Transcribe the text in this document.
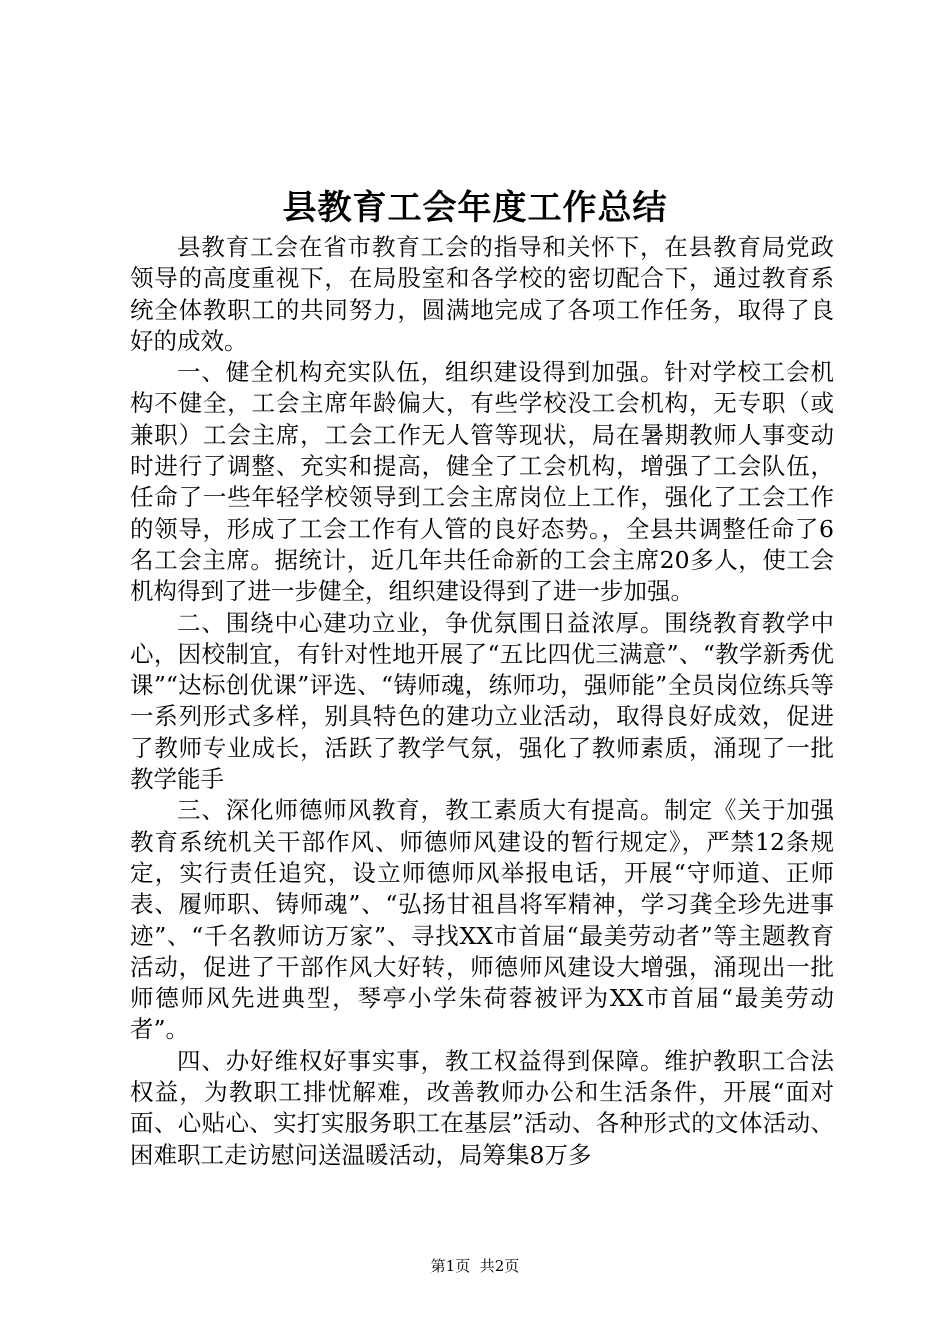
县教育工会年度工作总结

县教育工会在省市教育工会的指导和关怀下，在县教育局党政领导的高度重视下，在局股室和各学校的密切配合下，通过教育系统全体教职工的共同努力，圆满地完成了各项工作任务，取得了良好的成效。

一、健全机构充实队伍，组织建设得到加强。针对学校工会机构不健全，工会主席年龄偏大，有些学校没工会机构，无专职（或兼职）工会主席，工会工作无人管等现状，局在暑期教师人事变动时进行了调整、充实和提高，健全了工会机构，增强了工会队伍，任命了一些年轻学校领导到工会主席岗位上工作，强化了工会工作的领导，形成了工会工作有人管的良好态势。，全县共调整任命了6名工会主席。据统计，近几年共任命新的工会主席20多人，使工会机构得到了进一步健全，组织建设得到了进一步加强。

二、围绕中心建功立业，争优氛围日益浓厚。围绕教育教学中心，因校制宜，有针对性地开展了“五比四优三满意”、“教学新秀优课”“达标创优课”评选、“铸师魂，练师功，强师能”全员岗位练兵等一系列形式多样，别具特色的建功立业活动，取得良好成效，促进了教师专业成长，活跃了教学气氛，强化了教师素质，涌现了一批教学能手

三、深化师德师风教育，教工素质大有提高。制定《关于加强教育系统机关干部作风、师德师风建设的暂行规定》，严禁12条规定，实行责任追究，设立师德师风举报电话，开展“守师道、正师表、履师职、铸师魂”、“弘扬甘祖昌将军精神，学习龚全珍先进事迹”、“千名教师访万家”、寻找XX市首届“最美劳动者”等主题教育活动，促进了干部作风大好转，师德师风建设大增强，涌现出一批师德师风先进典型，琴亭小学朱荷蓉被评为XX市首届“最美劳动者”。

四、办好维权好事实事，教工权益得到保障。维护教职工合法权益，为教职工排忧解难，改善教师办公和生活条件，开展“面对面、心贴心、实打实服务职工在基层”活动、各种形式的文体活动、困难职工走访慰问送温暖活动，局筹集8万多

第1页 共2页
